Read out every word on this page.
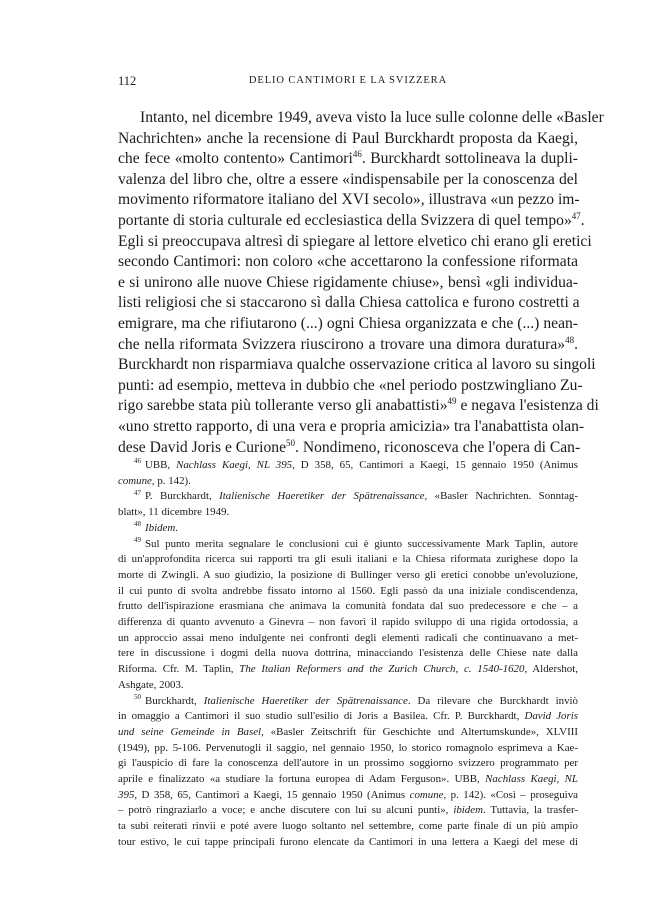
112	DELIO CANTIMORI E LA SVIZZERA
Intanto, nel dicembre 1949, aveva visto la luce sulle colonne delle «Basler
Nachrichten» anche la recensione di Paul Burckhardt proposta da Kaegi,
che fece «molto contento» Cantimori$^{46}$. Burckhardt sottolineava la dupli-
valenza del libro che, oltre a essere «indispensabile per la conoscenza del
movimento riformatore italiano del XVI secolo», illustrava «un pezzo im-
portante di storia culturale ed ecclesiastica della Svizzera di quel tempo»$^{47}$.
Egli si preoccupava altresì di spiegare al lettore elvetico chi erano gli eretici
secondo Cantimori: non coloro «che accettarono la confessione riformata
e si unirono alle nuove Chiese rigidamente chiuse», bensì «gli individua-
listi religiosi che si staccarono sì dalla Chiesa cattolica e furono costretti a
emigrare, ma che rifiutarono (...) ogni Chiesa organizzata e che (...) nean-
che nella riformata Svizzera riuscirono a trovare una dimora duratura»$^{48}$.
Burckhardt non risparmiava qualche osservazione critica al lavoro su singoli
punti: ad esempio, metteva in dubbio che «nel periodo postzwingliano Zu-
rigo sarebbe stata più tollerante verso gli anabattisti»$^{49}$ e negava l'esistenza di
«uno stretto rapporto, di una vera e propria amicizia» tra l'anabattista olan-
dese David Joris e Curione$^{50}$. Nondimeno, riconosceva che l'opera di Can-
$^{46}$ UBB, Nachlass Kaegi, NL 395, D 358, 65, Cantimori a Kaegi, 15 gennaio 1950 (Animus
comune, p. 142).
$^{47}$ P. Burckhardt, Italienische Haeretiker der Spätrenaissance, «Basler Nachrichten. Sonntag-
blatt», 11 dicembre 1949.
$^{48}$ Ibidem.
$^{49}$ Sul punto merita segnalare le conclusioni cui è giunto successivamente Mark Taplin, autore
di un'approfondita ricerca sui rapporti tra gli esuli italiani e la Chiesa riformata zurighese dopo la
morte di Zwingli. A suo giudizio, la posizione di Bullinger verso gli eretici conobbe un'evoluzione,
il cui punto di svolta andrebbe fissato intorno al 1560. Egli passò da una iniziale condiscendenza,
frutto dell'ispirazione erasmiana che animava la comunità fondata dal suo predecessore e che – a
differenza di quanto avvenuto a Ginevra – non favorì il rapido sviluppo di una rigida ortodossia, a
un approccio assai meno indulgente nei confronti degli elementi radicali che continuavano a met-
tere in discussione i dogmi della nuova dottrina, minacciando l'esistenza delle Chiese nate dalla
Riforma. Cfr. M. Taplin, The Italian Reformers and the Zurich Church, c. 1540-1620, Aldershot,
Ashgate, 2003.
$^{50}$ Burckhardt, Italienische Haeretiker der Spätrenaissance. Da rilevare che Burckhardt inviò
in omaggio a Cantimori il suo studio sull'esilio di Joris a Basilea. Cfr. P. Burckhardt, David Joris
und seine Gemeinde in Basel, «Basler Zeitschrift für Geschichte und Altertumskunde», XLVIII
(1949), pp. 5-106. Pervenutogli il saggio, nel gennaio 1950, lo storico romagnolo esprimeva a Kae-
gi l'auspicio di fare la conoscenza dell'autore in un prossimo soggiorno svizzero programmato per
aprile e finalizzato «a studiare la fortuna europea di Adam Ferguson». UBB, Nachlass Kaegi, NL
395, D 358, 65, Cantimori a Kaegi, 15 gennaio 1950 (Animus comune, p. 142). «Così – proseguiva
– potrò ringraziarlo a voce; e anche discutere con lui su alcuni punti», ibidem. Tuttavia, la trasfer-
ta subì reiterati rinvii e poté avere luogo soltanto nel settembre, come parte finale di un più ampio
tour estivo, le cui tappe principali furono elencate da Cantimori in una lettera a Kaegi del mese di
